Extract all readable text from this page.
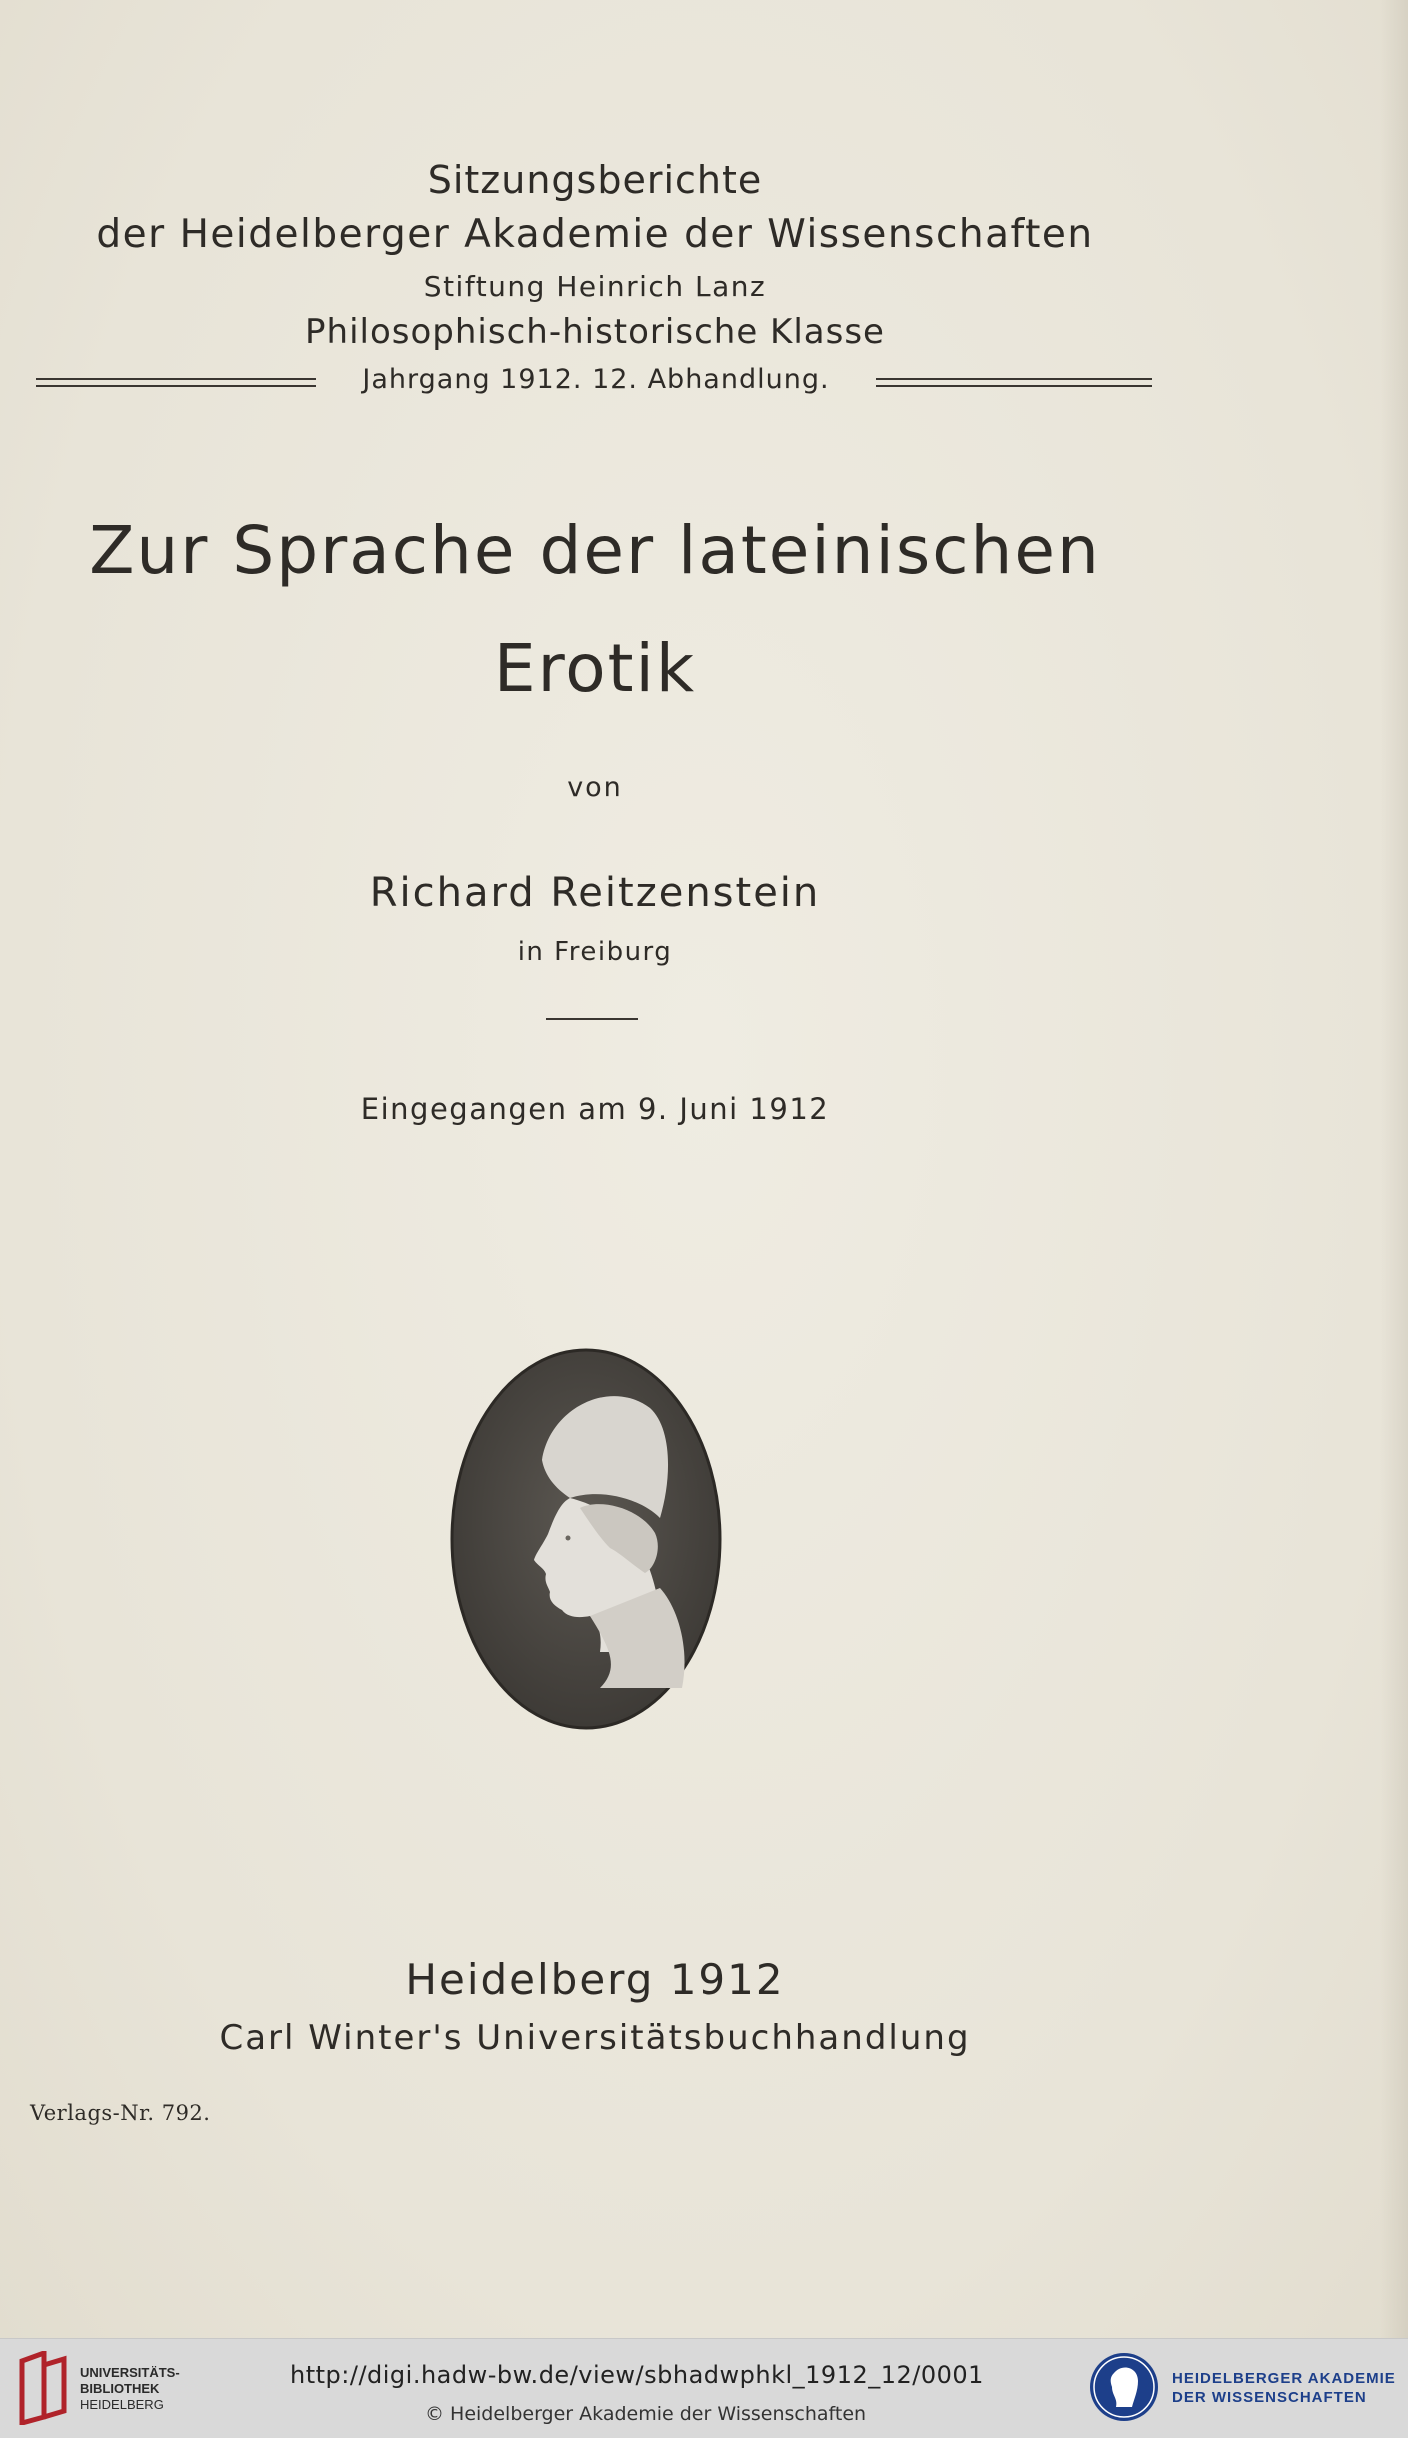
Sitzungsberichte
der Heidelberger Akademie der Wissenschaften
Stiftung Heinrich Lanz
Philosophisch-historische Klasse
Jahrgang 1912. 12. Abhandlung.
Zur Sprache der lateinischen
Erotik
von
Richard Reitzenstein
in Freiburg
Eingegangen am 9. Juni 1912
Heidelberg 1912
Carl Winter's Universitätsbuchhandlung
Verlags-Nr. 792.
UNIVERSITÄTS-
BIBLIOTHEK
HEIDELBERG
http://digi.hadw-bw.de/view/sbhadwphkl_1912_12/0001
© Heidelberger Akademie der Wissenschaften
HEIDELBERGER AKADEMIE
DER WISSENSCHAFTEN
